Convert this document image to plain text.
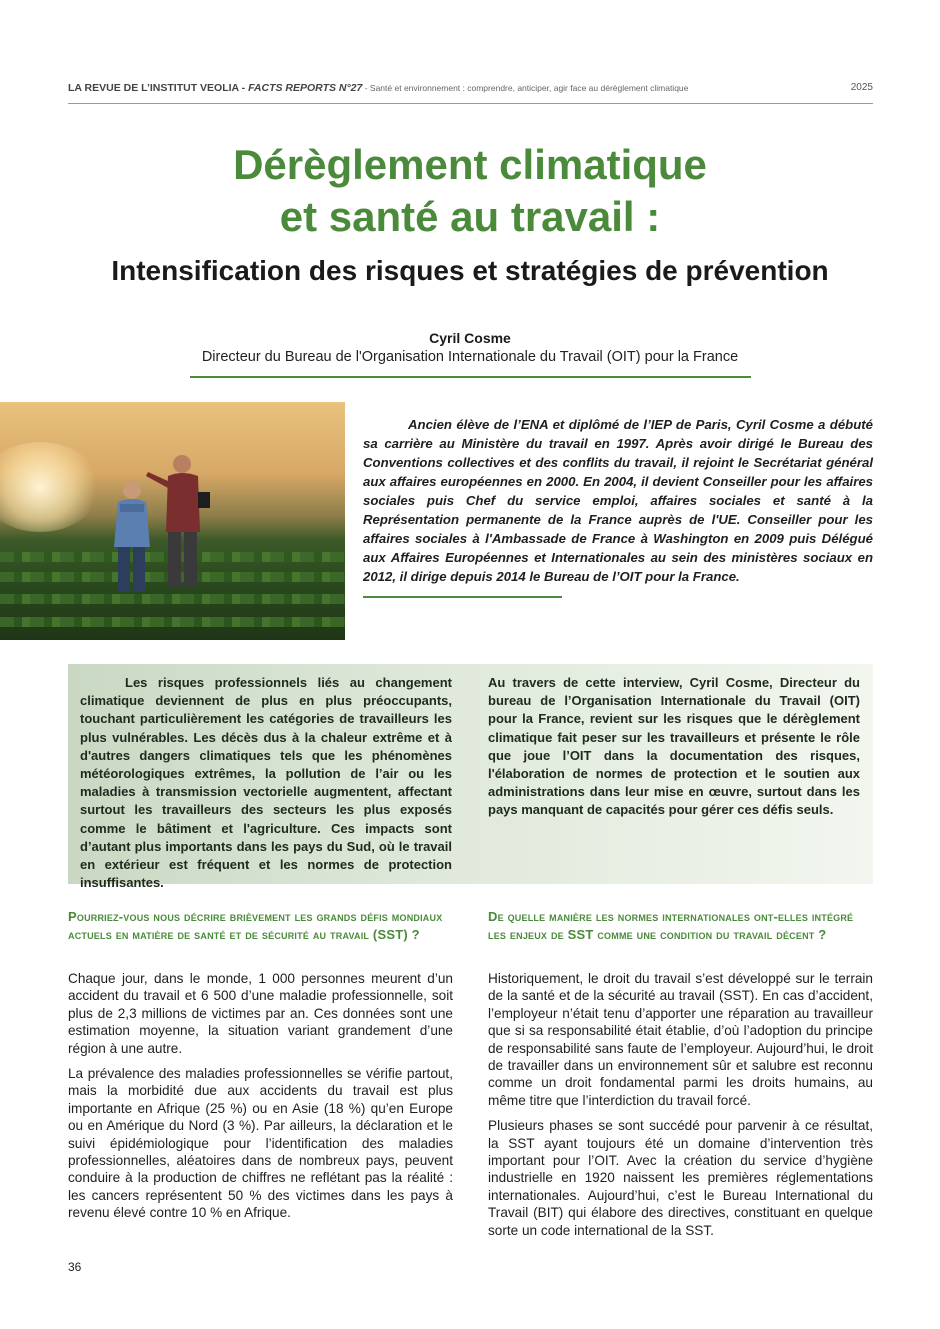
LA REVUE DE L’INSTITUT VEOLIA - FACTS REPORTS N°27 - Santé et environnement : comprendre, anticiper, agir face au dérèglement climatique	2025
Dérèglement climatique
et santé au travail :
Intensification des risques et stratégies de prévention
Cyril Cosme
Directeur du Bureau de l'Organisation Internationale du Travail (OIT) pour la France
Ancien élève de l’ENA et diplômé de l’IEP de Paris, Cyril Cosme a débuté sa carrière au Ministère du travail en 1997. Après avoir dirigé le Bureau des Conventions collectives et des conflits du travail, il rejoint le Secrétariat général aux affaires européennes en 2000. En 2004, il devient Conseiller pour les affaires sociales puis Chef du service emploi, affaires sociales et santé à la Représentation permanente de la France auprès de l'UE. Conseiller pour les affaires sociales à l'Ambassade de France à Washington en 2009 puis Délégué aux Affaires Européennes et Internationales au sein des ministères sociaux en 2012, il dirige depuis 2014 le Bureau de l’OIT pour la France.
Les risques professionnels liés au changement climatique deviennent de plus en plus préoccupants, touchant particulièrement les catégories de travailleurs les plus vulnérables. Les décès dus à la chaleur extrême et à d'autres dangers climatiques tels que les phénomènes météorologiques extrêmes, la pollution de l’air ou les maladies à transmission vectorielle augmentent, affectant surtout les travailleurs des secteurs les plus exposés comme le bâtiment et l'agriculture. Ces impacts sont d’autant plus importants dans les pays du Sud, où le travail en extérieur est fréquent et les normes de protection insuffisantes.
Au travers de cette interview, Cyril Cosme, Directeur du bureau de l’Organisation Internationale du Travail (OIT) pour la France, revient sur les risques que le dérèglement climatique fait peser sur les travailleurs et présente le rôle que joue l’OIT dans la documentation des risques, l'élaboration de normes de protection et le soutien aux administrations dans leur mise en œuvre, surtout dans les pays manquant de capacités pour gérer ces défis seuls.
Pourriez-vous nous décrire brièvement les grands défis mondiaux actuels en matière de santé et de sécurité au travail (SST) ?
De quelle manière les normes internationales ont-elles intégré les enjeux de SST comme une condition du travail décent ?

Chaque jour, dans le monde, 1 000 personnes meurent d’un accident du travail et 6 500 d’une maladie professionnelle, soit plus de 2,3 millions de victimes par an. Ces données sont une estimation moyenne, la situation variant grandement d’une région à une autre.

La prévalence des maladies professionnelles se vérifie partout, mais la morbidité due aux accidents du travail est plus importante en Afrique (25 %) ou en Asie (18 %) qu’en Europe ou en Amérique du Nord (3 %). Par ailleurs, la déclaration et le suivi épidémiologique pour l’identification des maladies professionnelles, aléatoires dans de nombreux pays, peuvent conduire à la production de chiffres ne reflétant pas la réalité : les cancers représentent 50 % des victimes dans les pays à revenu élevé contre 10 % en Afrique.

Historiquement, le droit du travail s’est développé sur le terrain de la santé et de la sécurité au travail (SST). En cas d’accident, l’employeur n’était tenu d’apporter une réparation au travailleur que si sa responsabilité était établie, d’où l’adoption du principe de responsabilité sans faute de l’employeur. Aujourd’hui, le droit de travailler dans un environnement sûr et salubre est reconnu comme un droit fondamental parmi les droits humains, au même titre que l’interdiction du travail forcé.

Plusieurs phases se sont succédé pour parvenir à ce résultat, la SST ayant toujours été un domaine d’intervention très important pour l’OIT. Avec la création du service d’hygiène industrielle en 1920 naissent les premières réglementations internationales. Aujourd’hui, c’est le Bureau International du Travail (BIT) qui élabore des directives, constituant en quelque sorte un code international de la SST.

36
